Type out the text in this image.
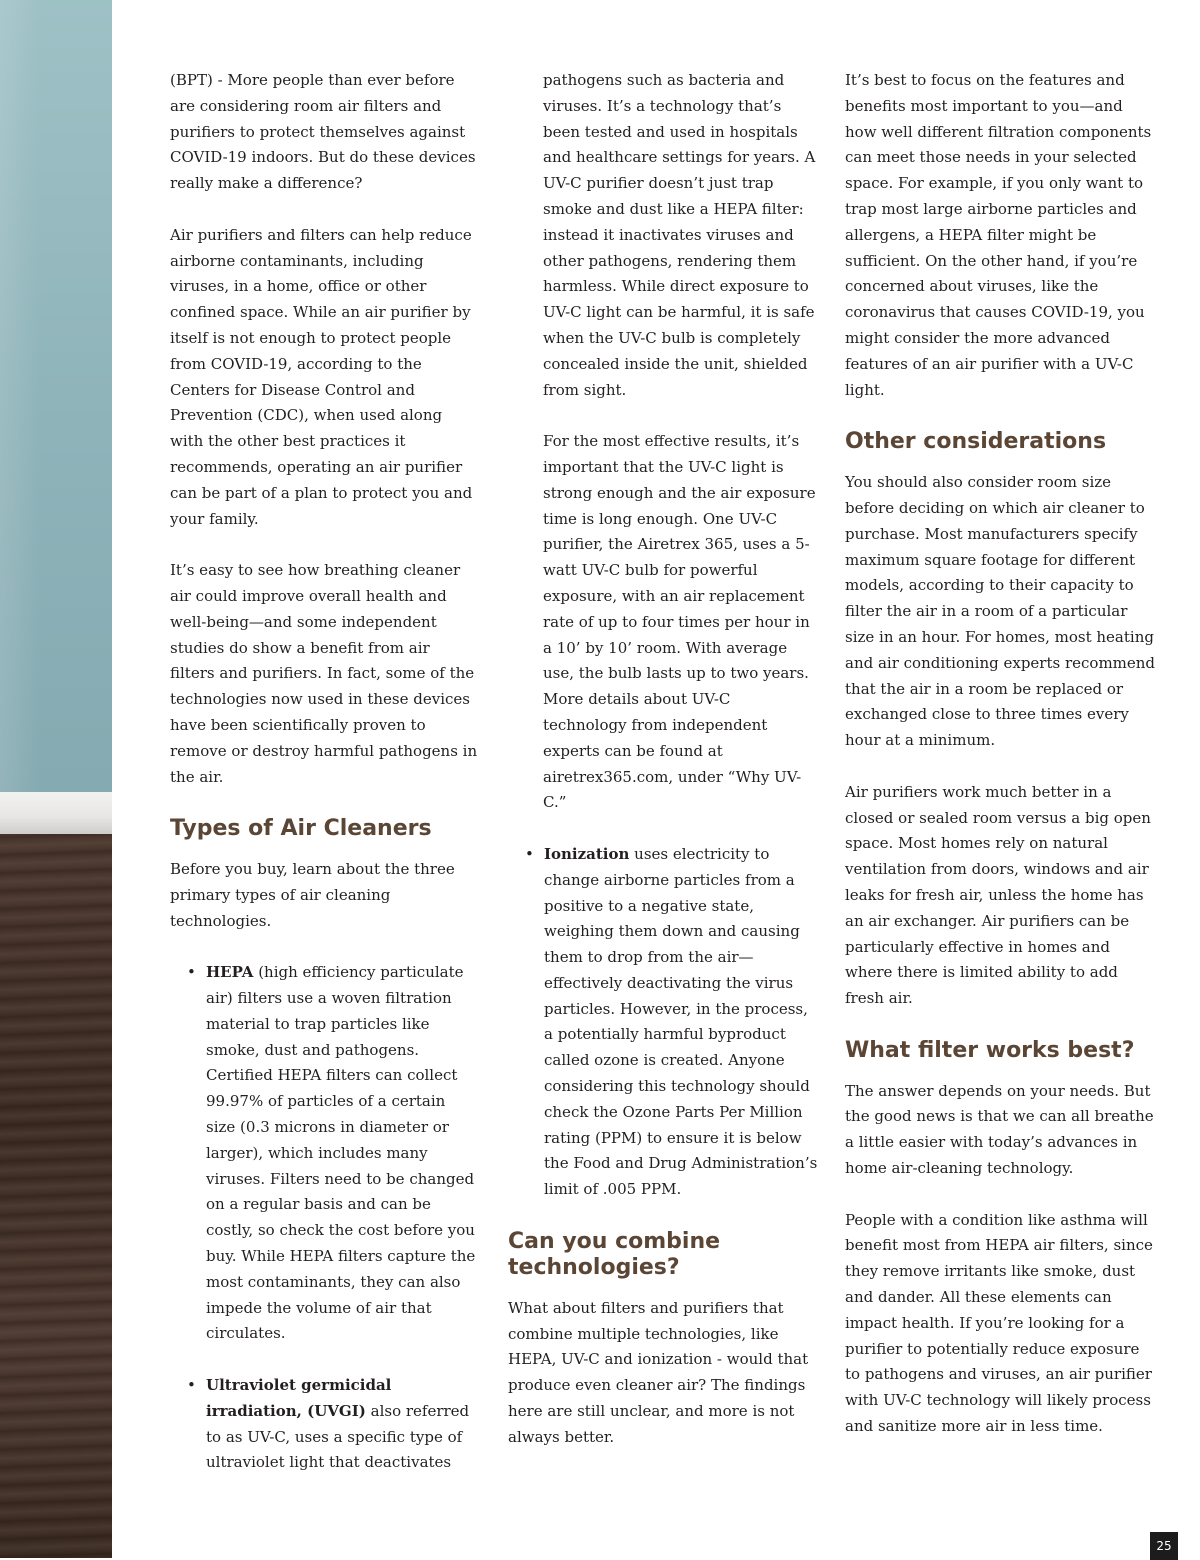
(BPT) - More people than ever before are considering room air filters and purifiers to protect themselves against COVID-19 indoors. But do these devices really make a difference?

Air purifiers and filters can help reduce airborne contaminants, including viruses, in a home, office or other confined space. While an air purifier by itself is not enough to protect people from COVID-19, according to the Centers for Disease Control and Prevention (CDC), when used along with the other best practices it recommends, operating an air purifier can be part of a plan to protect you and your family.

It’s easy to see how breathing cleaner air could improve overall health and well-being—and some independent studies do show a benefit from air filters and purifiers. In fact, some of the technologies now used in these devices have been scientifically proven to remove or destroy harmful pathogens in the air.

Types of Air Cleaners

Before you buy, learn about the three primary types of air cleaning technologies.

• HEPA (high efficiency particulate air) filters use a woven filtration material to trap particles like smoke, dust and pathogens. Certified HEPA filters can collect 99.97% of particles of a certain size (0.3 microns in diameter or larger), which includes many viruses. Filters need to be changed on a regular basis and can be costly, so check the cost before you buy. While HEPA filters capture the most contaminants, they can also impede the volume of air that circulates.
• Ultraviolet germicidal irradiation, (UVGI) also referred to as UV-C, uses a specific type of ultraviolet light that deactivates

pathogens such as bacteria and viruses. It’s a technology that’s been tested and used in hospitals and healthcare settings for years. A UV-C purifier doesn’t just trap smoke and dust like a HEPA filter: instead it inactivates viruses and other pathogens, rendering them harmless. While direct exposure to UV-C light can be harmful, it is safe when the UV-C bulb is completely concealed inside the unit, shielded from sight.

For the most effective results, it’s important that the UV-C light is strong enough and the air exposure time is long enough. One UV-C purifier, the Airetrex 365, uses a 5-watt UV-C bulb for powerful exposure, with an air replacement rate of up to four times per hour in a 10’ by 10’ room. With average use, the bulb lasts up to two years. More details about UV-C technology from independent experts can be found at airetrex365.com, under “Why UV-C.”

• Ionization uses electricity to change airborne particles from a positive to a negative state, weighing them down and causing them to drop from the air—effectively deactivating the virus particles. However, in the process, a potentially harmful byproduct called ozone is created. Anyone considering this technology should check the Ozone Parts Per Million rating (PPM) to ensure it is below the Food and Drug Administration’s limit of .005 PPM.
Can you combine technologies?

What about filters and purifiers that combine multiple technologies, like HEPA, UV-C and ionization - would that produce even cleaner air? The findings here are still unclear, and more is not always better.

It’s best to focus on the features and benefits most important to you—and how well different filtration components can meet those needs in your selected space. For example, if you only want to trap most large airborne particles and allergens, a HEPA filter might be sufficient. On the other hand, if you’re concerned about viruses, like the coronavirus that causes COVID-19, you might consider the more advanced features of an air purifier with a UV-C light.

Other considerations

You should also consider room size before deciding on which air cleaner to purchase. Most manufacturers specify maximum square footage for different models, according to their capacity to filter the air in a room of a particular size in an hour. For homes, most heating and air conditioning experts recommend that the air in a room be replaced or exchanged close to three times every hour at a minimum.

Air purifiers work much better in a closed or sealed room versus a big open space. Most homes rely on natural ventilation from doors, windows and air leaks for fresh air, unless the home has an air exchanger. Air purifiers can be particularly effective in homes and where there is limited ability to add fresh air.

What filter works best?

The answer depends on your needs. But the good news is that we can all breathe a little easier with today’s advances in home air-cleaning technology.

People with a condition like asthma will benefit most from HEPA air filters, since they remove irritants like smoke, dust and dander. All these elements can impact health. If you’re looking for a purifier to potentially reduce exposure to pathogens and viruses, an air purifier with UV-C technology will likely process and sanitize more air in less time.

25
